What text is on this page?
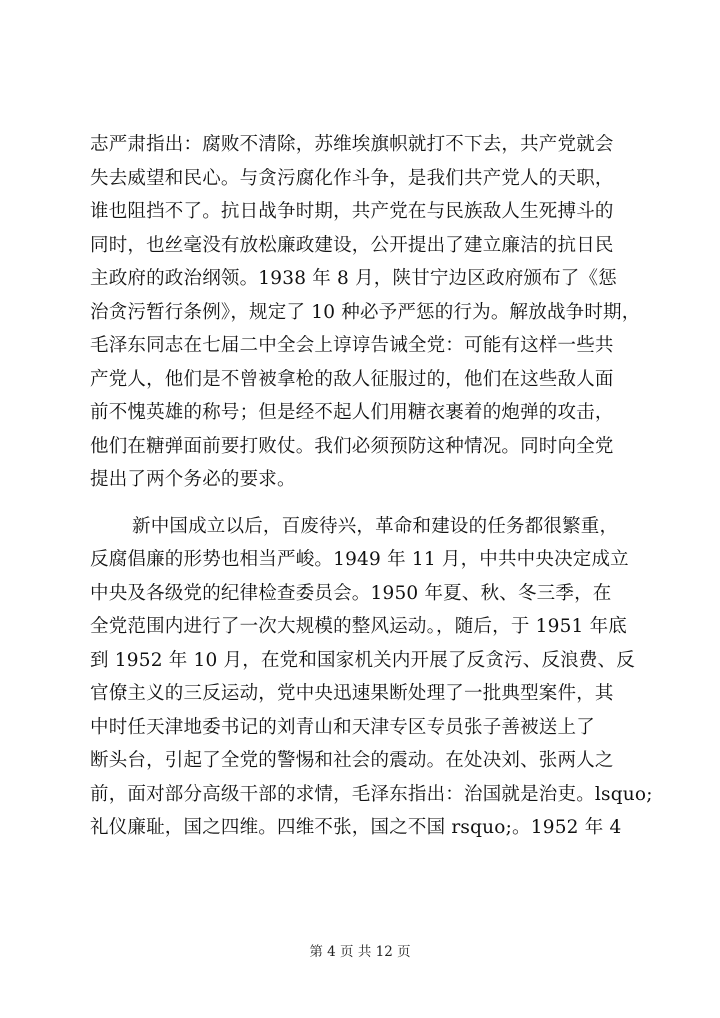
志严肃指出：腐败不清除，苏维埃旗帜就打不下去，共产党就会
失去威望和民心。与贪污腐化作斗争，是我们共产党人的天职，
谁也阻挡不了。抗日战争时期，共产党在与民族敌人生死搏斗的
同时，也丝毫没有放松廉政建设，公开提出了建立廉洁的抗日民
主政府的政治纲领。1938 年 8 月，陕甘宁边区政府颁布了《惩
治贪污暂行条例》，规定了 10 种必予严惩的行为。解放战争时期，
毛泽东同志在七届二中全会上谆谆告诫全党：可能有这样一些共
产党人，他们是不曾被拿枪的敌人征服过的，他们在这些敌人面
前不愧英雄的称号；但是经不起人们用糖衣裹着的炮弹的攻击，
他们在糖弹面前要打败仗。我们必须预防这种情况。同时向全党
提出了两个务必的要求。
新中国成立以后，百废待兴，革命和建设的任务都很繁重，
反腐倡廉的形势也相当严峻。1949 年 11 月，中共中央决定成立
中央及各级党的纪律检查委员会。1950 年夏、秋、冬三季，在
全党范围内进行了一次大规模的整风运动。，随后，于 1951 年底
到 1952 年 10 月，在党和国家机关内开展了反贪污、反浪费、反
官僚主义的三反运动，党中央迅速果断处理了一批典型案件，其
中时任天津地委书记的刘青山和天津专区专员张子善被送上了
断头台，引起了全党的警惕和社会的震动。在处决刘、张两人之
前，面对部分高级干部的求情，毛泽东指出：治国就是治吏。lsquo;
礼仪廉耻，国之四维。四维不张，国之不国 rsquo;。1952 年 4
第 4 页 共 12 页
